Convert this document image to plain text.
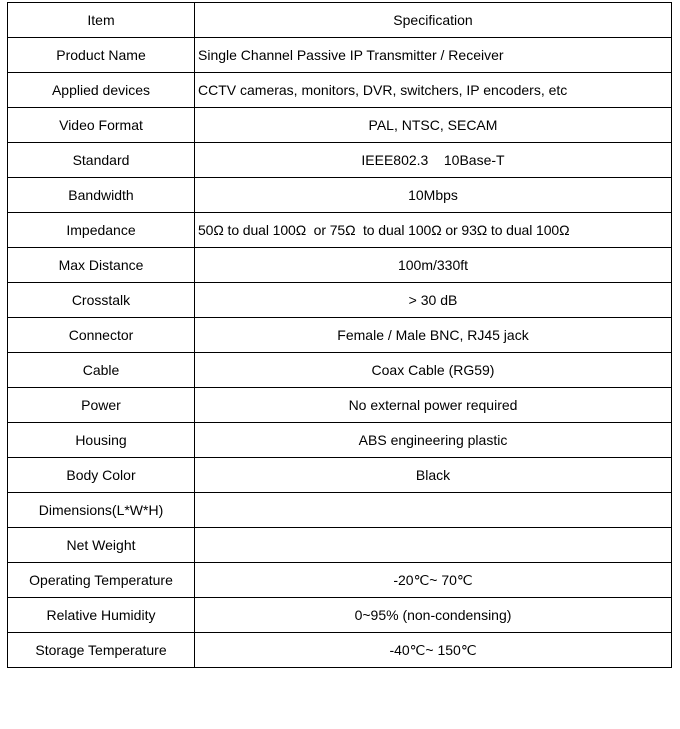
Item	Specification
Product Name	Single Channel Passive IP Transmitter / Receiver
Applied devices	CCTV cameras, monitors, DVR, switchers, IP encoders, etc
Video Format	PAL, NTSC, SECAM
Standard	IEEE802.3    10Base-T
Bandwidth	10Mbps
Impedance	50Ω to dual 100Ω  or 75Ω  to dual 100Ω or 93Ω to dual 100Ω
Max Distance	100m/330ft
Crosstalk	> 30 dB
Connector	Female / Male BNC, RJ45 jack
Cable	Coax Cable (RG59)
Power	No external power required
Housing	ABS engineering plastic
Body Color	Black
Dimensions(L*W*H)	
Net Weight	
Operating Temperature	-20℃~ 70℃
Relative Humidity	0~95% (non-condensing)
Storage Temperature	-40℃~ 150℃
